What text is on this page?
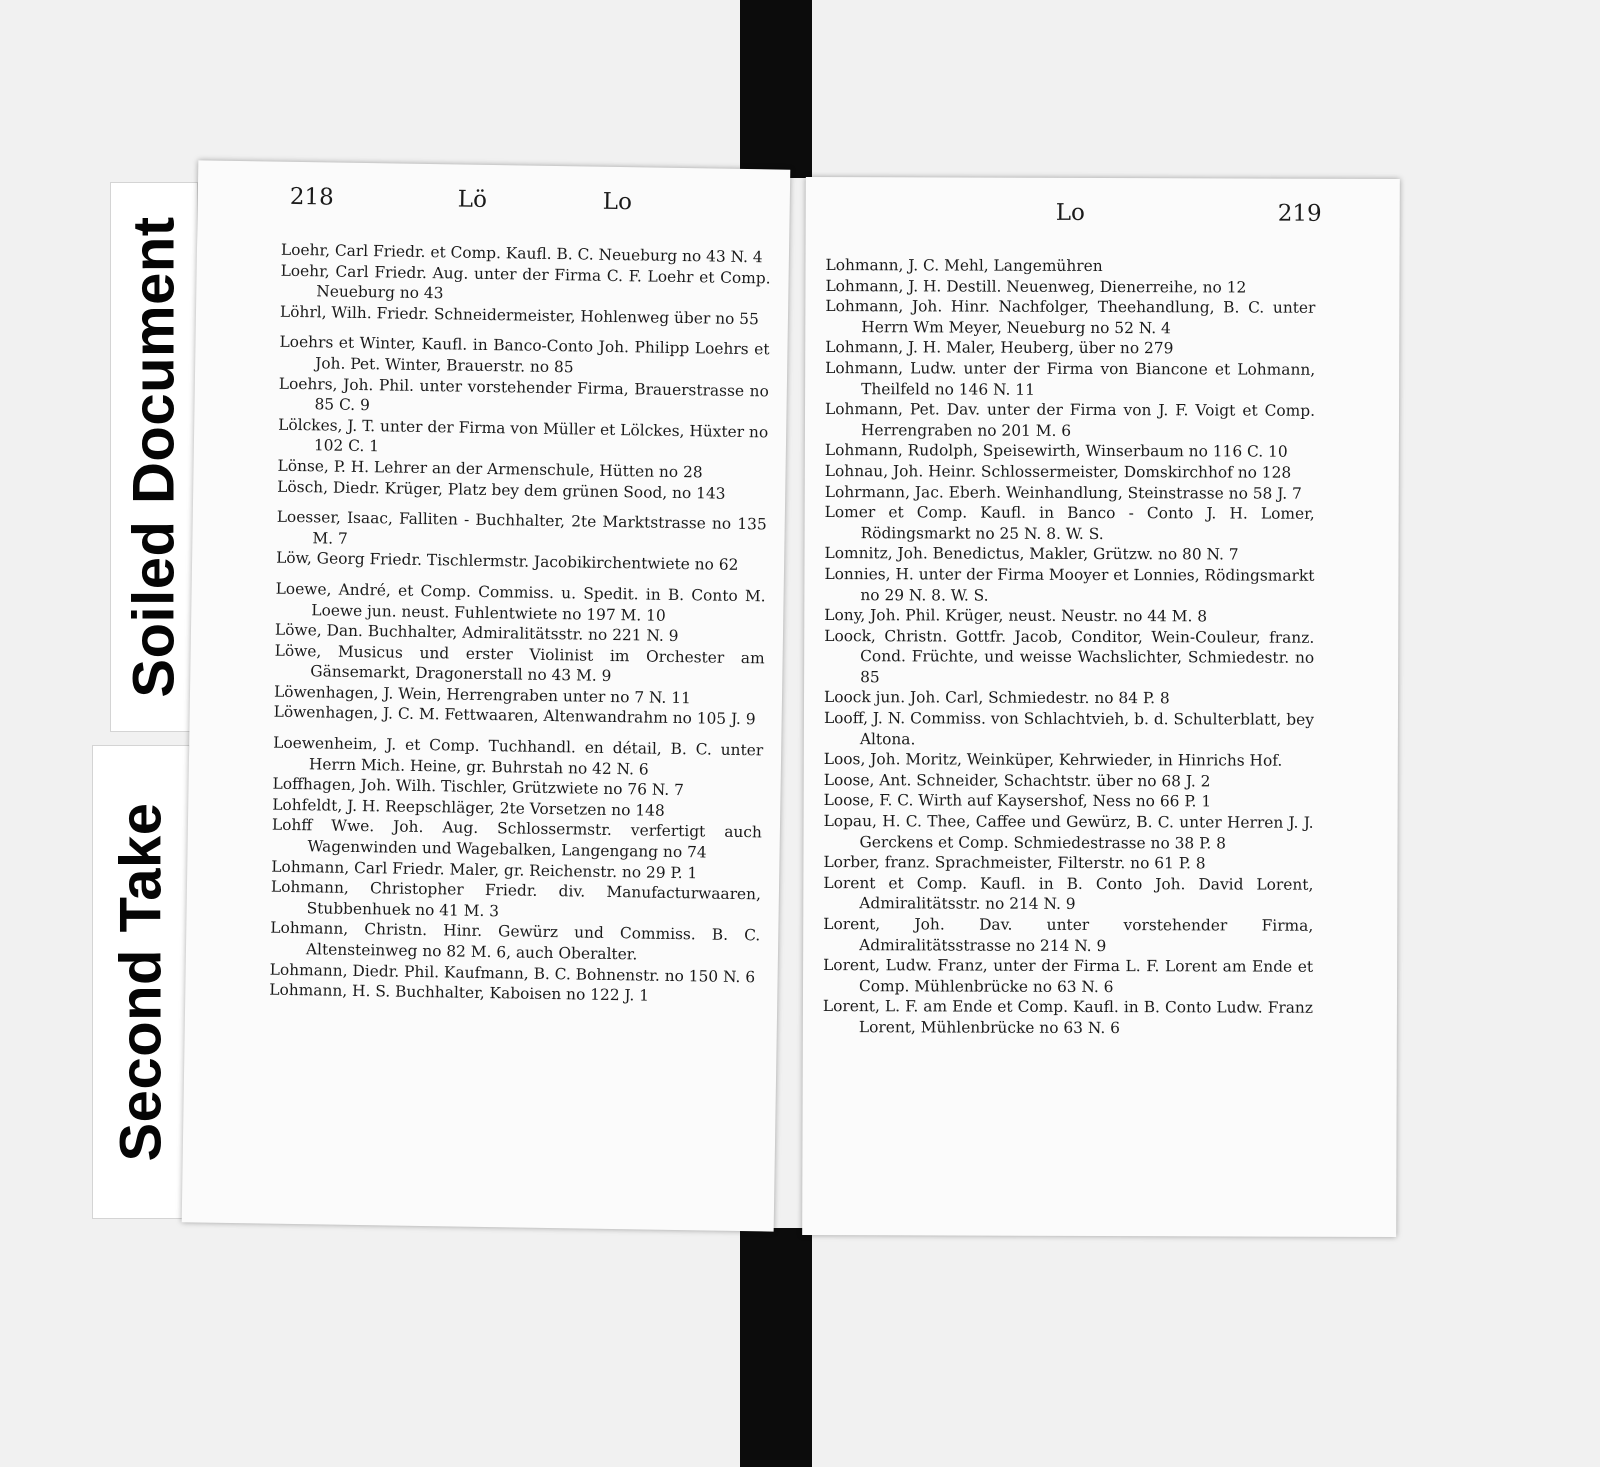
Soiled Document
Second Take
218	Lö	Lo

Loehr, Carl Friedr. et Comp. Kaufl. B. C. Neueburg no 43 N. 4

Loehr, Carl Friedr. Aug. unter der Firma C. F. Loehr et Comp. Neueburg no 43

Löhrl, Wilh. Friedr. Schneidermeister, Hohlenweg über no 55

Loehrs et Winter, Kaufl. in Banco-Conto Joh. Philipp Loehrs et Joh. Pet. Winter, Brauerstr. no 85

Loehrs, Joh. Phil. unter vorstehender Firma, Brauerstrasse no 85 C. 9

Lölckes, J. T. unter der Firma von Müller et Lölckes, Hüxter no 102 C. 1

Lönse, P. H. Lehrer an der Armenschule, Hütten no 28

Lösch, Diedr. Krüger, Platz bey dem grünen Sood, no 143

Loesser, Isaac, Falliten - Buchhalter, 2te Marktstrasse no 135 M. 7

Löw, Georg Friedr. Tischlermstr. Jacobikirchentwiete no 62

Loewe, André, et Comp. Commiss. u. Spedit. in B. Conto M. Loewe jun. neust. Fuhlentwiete no 197 M. 10

Löwe, Dan. Buchhalter, Admiralitätsstr. no 221 N. 9

Löwe, Musicus und erster Violinist im Orchester am Gänsemarkt, Dragonerstall no 43 M. 9

Löwenhagen, J. Wein, Herrengraben unter no 7 N. 11

Löwenhagen, J. C. M. Fettwaaren, Altenwandrahm no 105 J. 9

Loewenheim, J. et Comp. Tuchhandl. en détail, B. C. unter Herrn Mich. Heine, gr. Buhrstah no 42 N. 6

Loffhagen, Joh. Wilh. Tischler, Grützwiete no 76 N. 7

Lohfeldt, J. H. Reepschläger, 2te Vorsetzen no 148

Lohff Wwe. Joh. Aug. Schlossermstr. verfertigt auch Wagenwinden und Wagebalken, Langengang no 74

Lohmann, Carl Friedr. Maler, gr. Reichenstr. no 29 P. 1

Lohmann, Christopher Friedr. div. Manufacturwaaren, Stubbenhuek no 41 M. 3

Lohmann, Christn. Hinr. Gewürz und Commiss. B. C. Altensteinweg no 82 M. 6, auch Oberalter.

Lohmann, Diedr. Phil. Kaufmann, B. C. Bohnenstr. no 150 N. 6

Lohmann, H. S. Buchhalter, Kaboisen no 122 J. 1

Lo	219

Lohmann, J. C. Mehl, Langemühren

Lohmann, J. H. Destill. Neuenweg, Dienerreihe, no 12

Lohmann, Joh. Hinr. Nachfolger, Theehandlung, B. C. unter Herrn Wm Meyer, Neueburg no 52 N. 4

Lohmann, J. H. Maler, Heuberg, über no 279

Lohmann, Ludw. unter der Firma von Biancone et Lohmann, Theilfeld no 146 N. 11

Lohmann, Pet. Dav. unter der Firma von J. F. Voigt et Comp. Herrengraben no 201 M. 6

Lohmann, Rudolph, Speisewirth, Winserbaum no 116 C. 10

Lohnau, Joh. Heinr. Schlossermeister, Domskirchhof no 128

Lohrmann, Jac. Eberh. Weinhandlung, Steinstrasse no 58 J. 7

Lomer et Comp. Kaufl. in Banco - Conto J. H. Lomer, Rödingsmarkt no 25 N. 8. W. S.

Lomnitz, Joh. Benedictus, Makler, Grützw. no 80 N. 7

Lonnies, H. unter der Firma Mooyer et Lonnies, Rödingsmarkt no 29 N. 8. W. S.

Lony, Joh. Phil. Krüger, neust. Neustr. no 44 M. 8

Loock, Christn. Gottfr. Jacob, Conditor, Wein-Couleur, franz. Cond. Früchte, und weisse Wachslichter, Schmiedestr. no 85

Loock jun. Joh. Carl, Schmiedestr. no 84 P. 8

Looff, J. N. Commiss. von Schlachtvieh, b. d. Schulterblatt, bey Altona.

Loos, Joh. Moritz, Weinküper, Kehrwieder, in Hinrichs Hof.

Loose, Ant. Schneider, Schachtstr. über no 68 J. 2

Loose, F. C. Wirth auf Kaysershof, Ness no 66 P. 1

Lopau, H. C. Thee, Caffee und Gewürz, B. C. unter Herren J. J. Gerckens et Comp. Schmiedestrasse no 38 P. 8

Lorber, franz. Sprachmeister, Filterstr. no 61 P. 8

Lorent et Comp. Kaufl. in B. Conto Joh. David Lorent, Admiralitätsstr. no 214 N. 9

Lorent, Joh. Dav. unter vorstehender Firma, Admiralitätsstrasse no 214 N. 9

Lorent, Ludw. Franz, unter der Firma L. F. Lorent am Ende et Comp. Mühlenbrücke no 63 N. 6

Lorent, L. F. am Ende et Comp. Kaufl. in B. Conto Ludw. Franz Lorent, Mühlenbrücke no 63 N. 6
